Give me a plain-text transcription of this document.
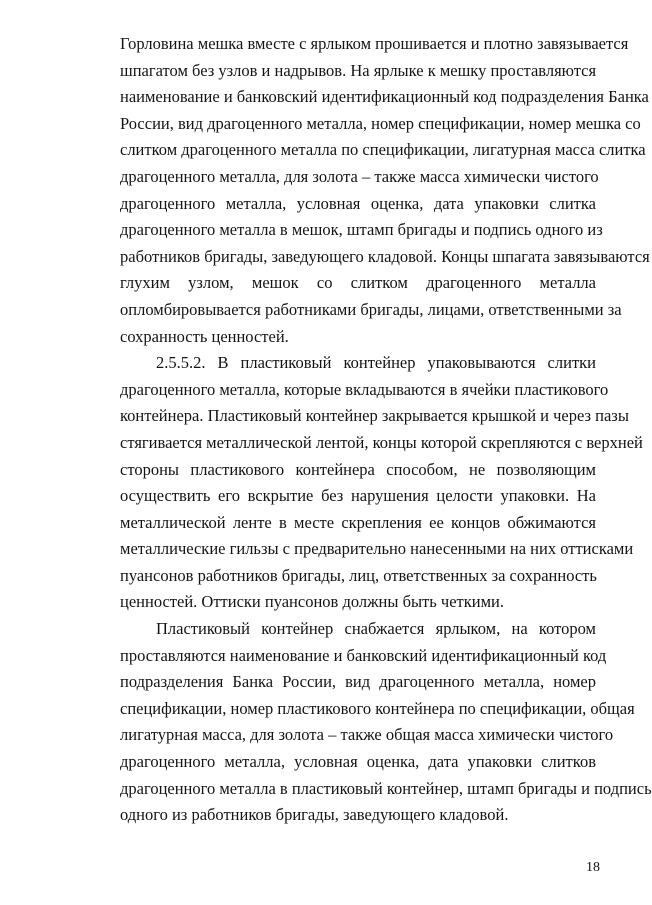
Горловина мешка вместе с ярлыком прошивается и плотно завязывается
шпагатом без узлов и надрывов. На ярлыке к мешку проставляются
наименование и банковский идентификационный код подразделения Банка
России, вид драгоценного металла, номер спецификации, номер мешка со
слитком драгоценного металла по спецификации, лигатурная масса слитка
драгоценного металла, для золота – также масса химически чистого
драгоценного металла, условная оценка, дата упаковки слитка
драгоценного металла в мешок, штамп бригады и подпись одного из
работников бригады, заведующего кладовой. Концы шпагата завязываются
глухим узлом, мешок со слитком драгоценного металла
опломбировывается работниками бригады, лицами, ответственными за
сохранность ценностей.
2.5.5.2. В пластиковый контейнер упаковываются слитки
драгоценного металла, которые вкладываются в ячейки пластикового
контейнера. Пластиковый контейнер закрывается крышкой и через пазы
стягивается металлической лентой, концы которой скрепляются с верхней
стороны пластикового контейнера способом, не позволяющим
осуществить его вскрытие без нарушения целости упаковки. На
металлической ленте в месте скрепления ее концов обжимаются
металлические гильзы с предварительно нанесенными на них оттисками
пуансонов работников бригады, лиц, ответственных за сохранность
ценностей. Оттиски пуансонов должны быть четкими.
Пластиковый контейнер снабжается ярлыком, на котором
проставляются наименование и банковский идентификационный код
подразделения Банка России, вид драгоценного металла, номер
спецификации, номер пластикового контейнера по спецификации, общая
лигатурная масса, для золота – также общая масса химически чистого
драгоценного металла, условная оценка, дата упаковки слитков
драгоценного металла в пластиковый контейнер, штамп бригады и подпись
одного из работников бригады, заведующего кладовой.
18
